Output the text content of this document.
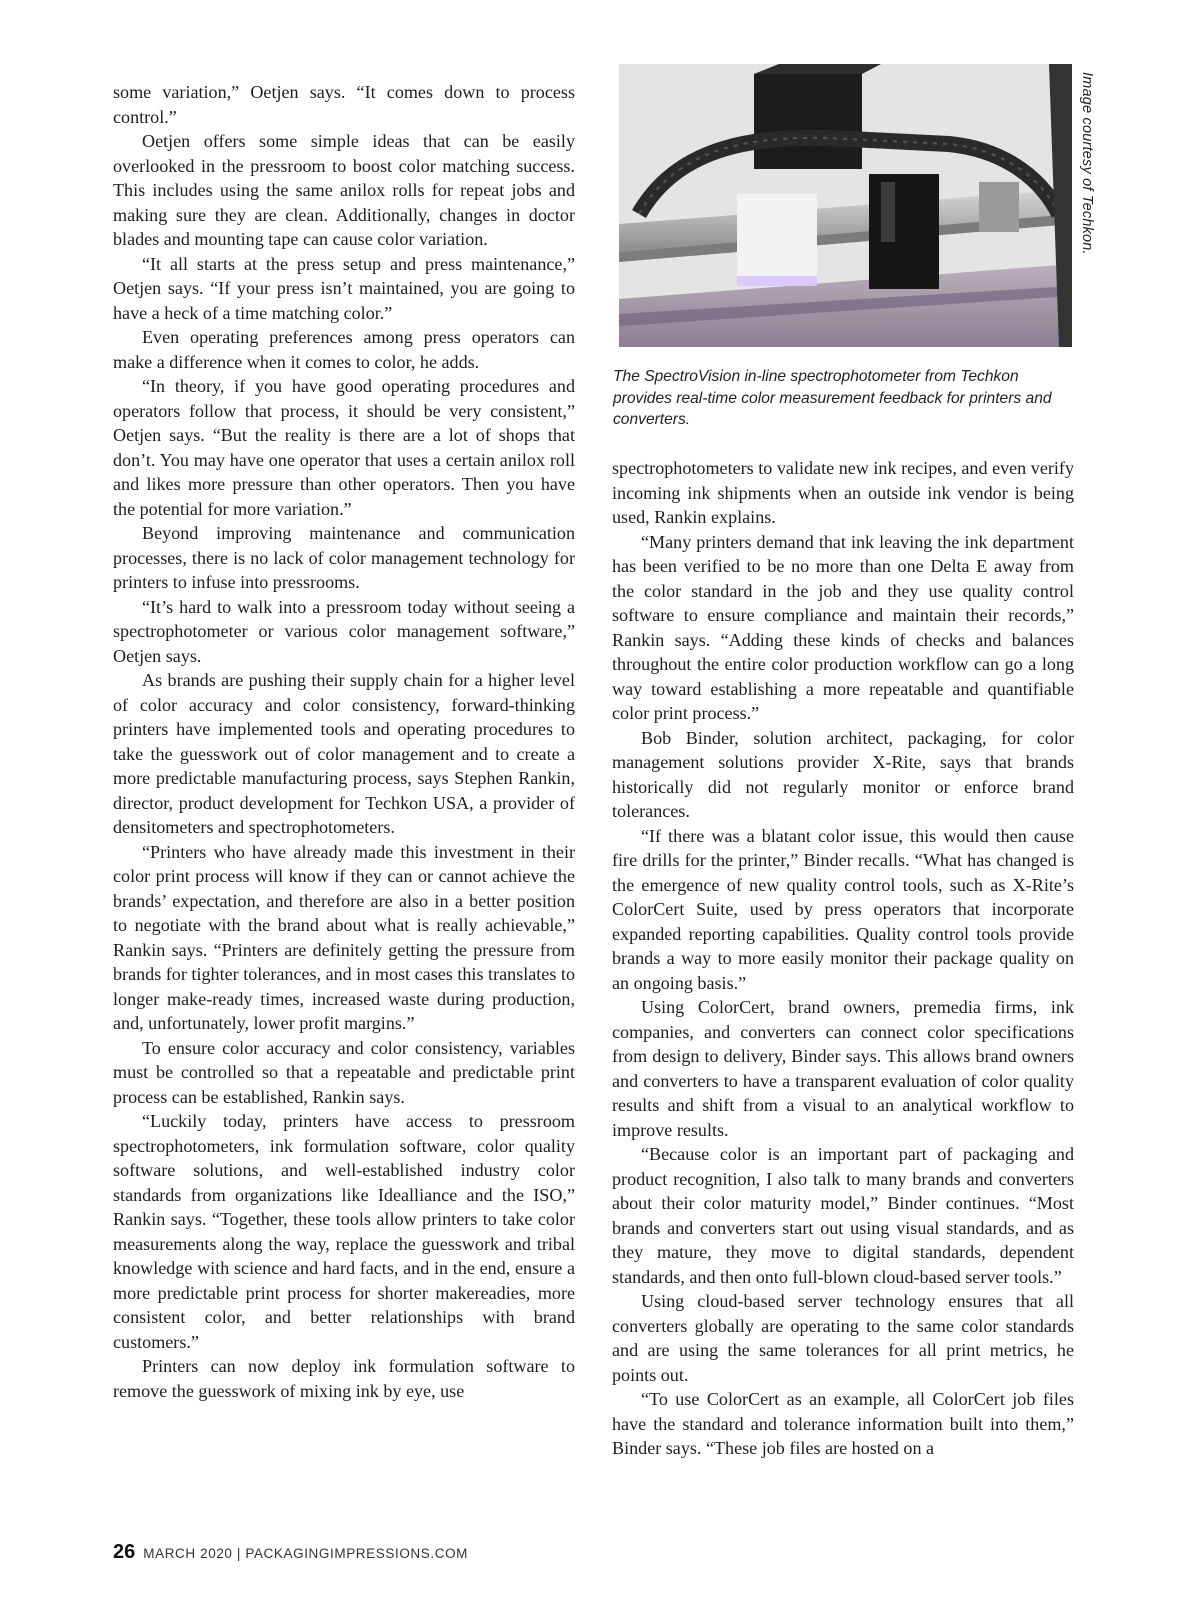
some variation,” Oetjen says. “It comes down to process control.”

Oetjen offers some simple ideas that can be easily overlooked in the pressroom to boost color matching success. This includes using the same anilox rolls for repeat jobs and making sure they are clean. Additionally, changes in doctor blades and mounting tape can cause color variation.

“It all starts at the press setup and press maintenance,” Oetjen says. “If your press isn’t maintained, you are going to have a heck of a time matching color.”

Even operating preferences among press operators can make a difference when it comes to color, he adds.

“In theory, if you have good operating procedures and operators follow that process, it should be very consistent,” Oetjen says. “But the reality is there are a lot of shops that don’t. You may have one operator that uses a certain anilox roll and likes more pressure than other operators. Then you have the potential for more variation.”

Beyond improving maintenance and communication processes, there is no lack of color management technology for printers to infuse into pressrooms.

“It’s hard to walk into a pressroom today without seeing a spectrophotometer or various color management software,” Oetjen says.

As brands are pushing their supply chain for a higher level of color accuracy and color consistency, forward-thinking printers have implemented tools and operating procedures to take the guesswork out of color management and to create a more predictable manufacturing process, says Stephen Rankin, director, product development for Techkon USA, a provider of densitometers and spectrophotometers.

“Printers who have already made this investment in their color print process will know if they can or cannot achieve the brands’ expectation, and therefore are also in a better position to negotiate with the brand about what is really achievable,” Rankin says. “Printers are definitely getting the pressure from brands for tighter tolerances, and in most cases this translates to longer make-ready times, increased waste during production, and, unfortunately, lower profit margins.”

To ensure color accuracy and color consistency, variables must be controlled so that a repeatable and predictable print process can be established, Rankin says.

“Luckily today, printers have access to pressroom spectrophotometers, ink formulation software, color quality software solutions, and well-established industry color standards from organizations like Idealliance and the ISO,” Rankin says. “Together, these tools allow printers to take color measurements along the way, replace the guesswork and tribal knowledge with science and hard facts, and in the end, ensure a more predictable print process for shorter makereadies, more consistent color, and better relationships with brand customers.”

Printers can now deploy ink formulation software to remove the guesswork of mixing ink by eye, use

Image courtesy of Techkon.
The SpectroVision in-line spectrophotometer from Techkon provides real-time color measurement feedback for printers and converters.

spectrophotometers to validate new ink recipes, and even verify incoming ink shipments when an outside ink vendor is being used, Rankin explains.

“Many printers demand that ink leaving the ink department has been verified to be no more than one Delta E away from the color standard in the job and they use quality control software to ensure compliance and maintain their records,” Rankin says. “Adding these kinds of checks and balances throughout the entire color production workflow can go a long way toward establishing a more repeatable and quantifiable color print process.”

Bob Binder, solution architect, packaging, for color management solutions provider X-Rite, says that brands historically did not regularly monitor or enforce brand tolerances.

“If there was a blatant color issue, this would then cause fire drills for the printer,” Binder recalls. “What has changed is the emergence of new quality control tools, such as X-Rite’s ColorCert Suite, used by press operators that incorporate expanded reporting capabilities. Quality control tools provide brands a way to more easily monitor their package quality on an ongoing basis.”

Using ColorCert, brand owners, premedia firms, ink companies, and converters can connect color specifications from design to delivery, Binder says. This allows brand owners and converters to have a transparent evaluation of color quality results and shift from a visual to an analytical workflow to improve results.

“Because color is an important part of packaging and product recognition, I also talk to many brands and converters about their color maturity model,” Binder continues. “Most brands and converters start out using visual standards, and as they mature, they move to digital standards, dependent standards, and then onto full-blown cloud-based server tools.”

Using cloud-based server technology ensures that all converters globally are operating to the same color standards and are using the same tolerances for all print metrics, he points out.

“To use ColorCert as an example, all ColorCert job files have the standard and tolerance information built into them,” Binder says. “These job files are hosted on a

26 MARCH 2020 | PACKAGINGIMPRESSIONS.COM
